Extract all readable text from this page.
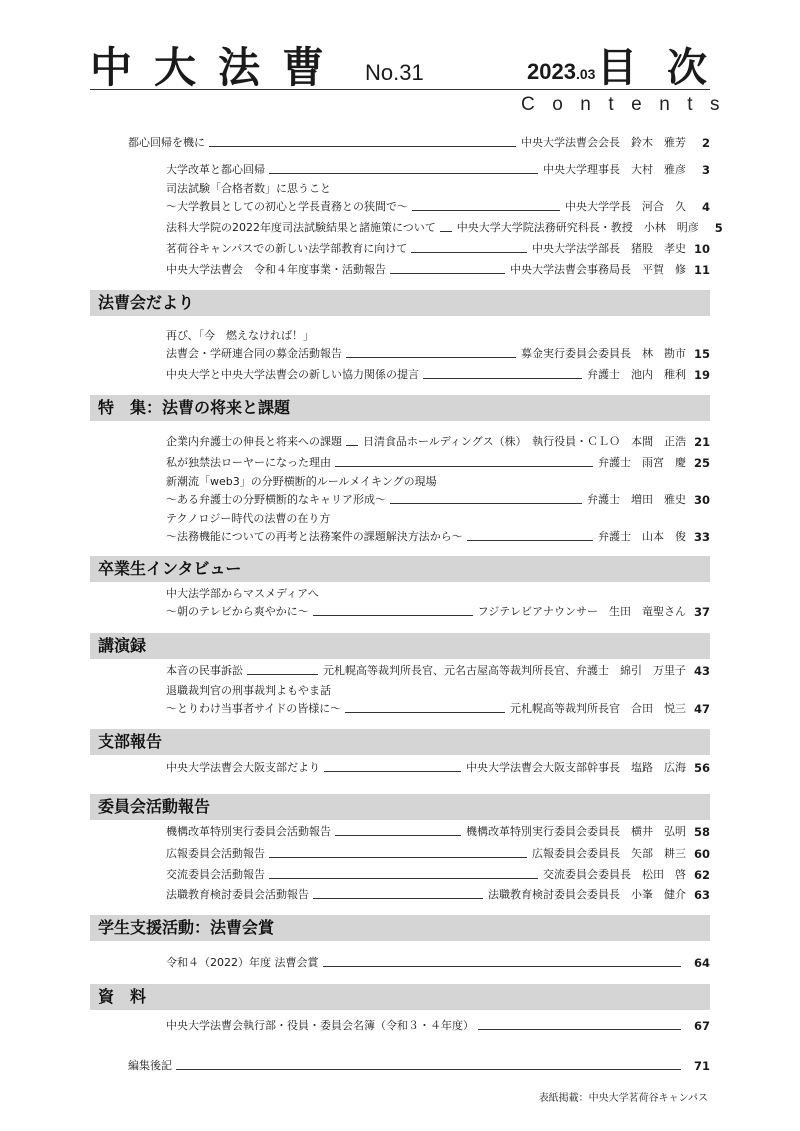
中大法曹 No.31	2023.03 目次
Contents
都心回帰を機に	中央大学法曹会会長　鈴木　雅芳	2
大学改革と都心回帰	中央大学理事長　大村　雅彦	3
司法試験「合格者数」に思うこと
～大学教員としての初心と学長責務との狭間で～	中央大学学長　河合　久	4
法科大学院の2022年度司法試験結果と諸施策について 中央大学大学院法務研究科長・教授　小林　明彦	5
茗荷谷キャンパスでの新しい法学部教育に向けて	中央大学法学部長　猪股　孝史 10
中央大学法曹会　令和４年度事業・活動報告	中央大学法曹会事務局長　平賀　修 11
法曹会だより
再び、「今　燃えなければ！」
法曹会・学研連合同の募金活動報告	募金実行委員会委員長　林　勘市 15
中央大学と中央大学法曹会の新しい協力関係の提言	弁護士　池内　稚利 19
特　集：法曹の将来と課題
企業内弁護士の伸長と将来への課題 日清食品ホールディングス（株）　執行役員・ＣＬＯ　本間　正浩 21
私が独禁法ローヤーになった理由	弁護士　雨宮　慶 25
新潮流「web3」の分野横断的ルールメイキングの現場
～ある弁護士の分野横断的なキャリア形成～	弁護士　増田　雅史 30
テクノロジー時代の法曹の在り方
～法務機能についての再考と法務案件の課題解決方法から～	弁護士　山本　俊 33
卒業生インタビュー
中大法学部からマスメディアへ
～朝のテレビから爽やかに～	フジテレビアナウンサー　生田　竜聖さん 37
講演録
本音の民事訴訟	元札幌高等裁判所長官、元名古屋高等裁判所長官、弁護士　綿引　万里子 43
退職裁判官の刑事裁判よもやま話
～とりわけ当事者サイドの皆様に～	元札幌高等裁判所長官　合田　悦三 47
支部報告
中央大学法曹会大阪支部だより	中央大学法曹会大阪支部幹事長　塩路　広海 56
委員会活動報告
機構改革特別実行委員会活動報告	機構改革特別実行委員会委員長　横井　弘明 58
広報委員会活動報告	広報委員会委員長　矢部　耕三 60
交流委員会活動報告	交流委員会委員長　松田　啓 62
法職教育検討委員会活動報告	法職教育検討委員会委員長　小峯　健介 63
学生支援活動：法曹会賞
令和４（2022）年度 法曹会賞	64
資　料
中央大学法曹会執行部・役員・委員会名簿（令和３・４年度）	67
編集後記	71
表紙掲載：中央大学茗荷谷キャンパス
